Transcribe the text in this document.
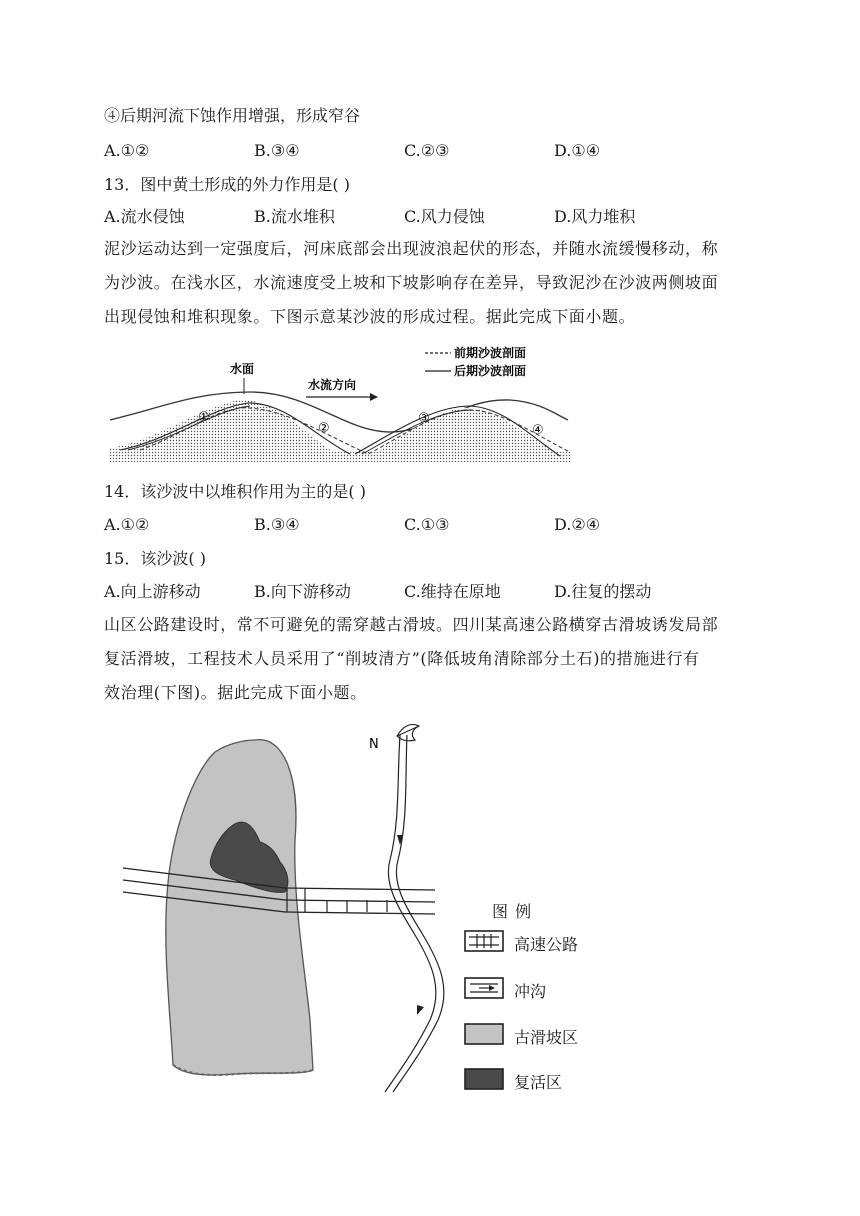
④后期河流下蚀作用增强，形成窄谷
A.①②	B.③④	C.②③	D.①④
13．图中黄土形成的外力作用是( )
A.流水侵蚀	B.流水堆积	C.风力侵蚀	D.风力堆积
泥沙运动达到一定强度后，河床底部会出现波浪起伏的形态，并随水流缓慢移动，称
为沙波。在浅水区，水流速度受上坡和下坡影响存在差异，导致泥沙在沙波两侧坡面
出现侵蚀和堆积现象。下图示意某沙波的形成过程。据此完成下面小题。
前期沙波剖面
后期沙波剖面
水面
水流方向
①
②
③
④
14．该沙波中以堆积作用为主的是( )
A.①②	B.③④	C.①③	D.②④
15．该沙波( )
A.向上游移动	B.向下游移动	C.维持在原地	D.往复的摆动
山区公路建设时，常不可避免的需穿越古滑坡。四川某高速公路横穿古滑坡诱发局部
复活滑坡，工程技术人员采用了“削坡清方”(降低坡角清除部分土石)的措施进行有
效治理(下图)。据此完成下面小题。
N
图 例
高速公路
冲沟
古滑坡区
复活区
